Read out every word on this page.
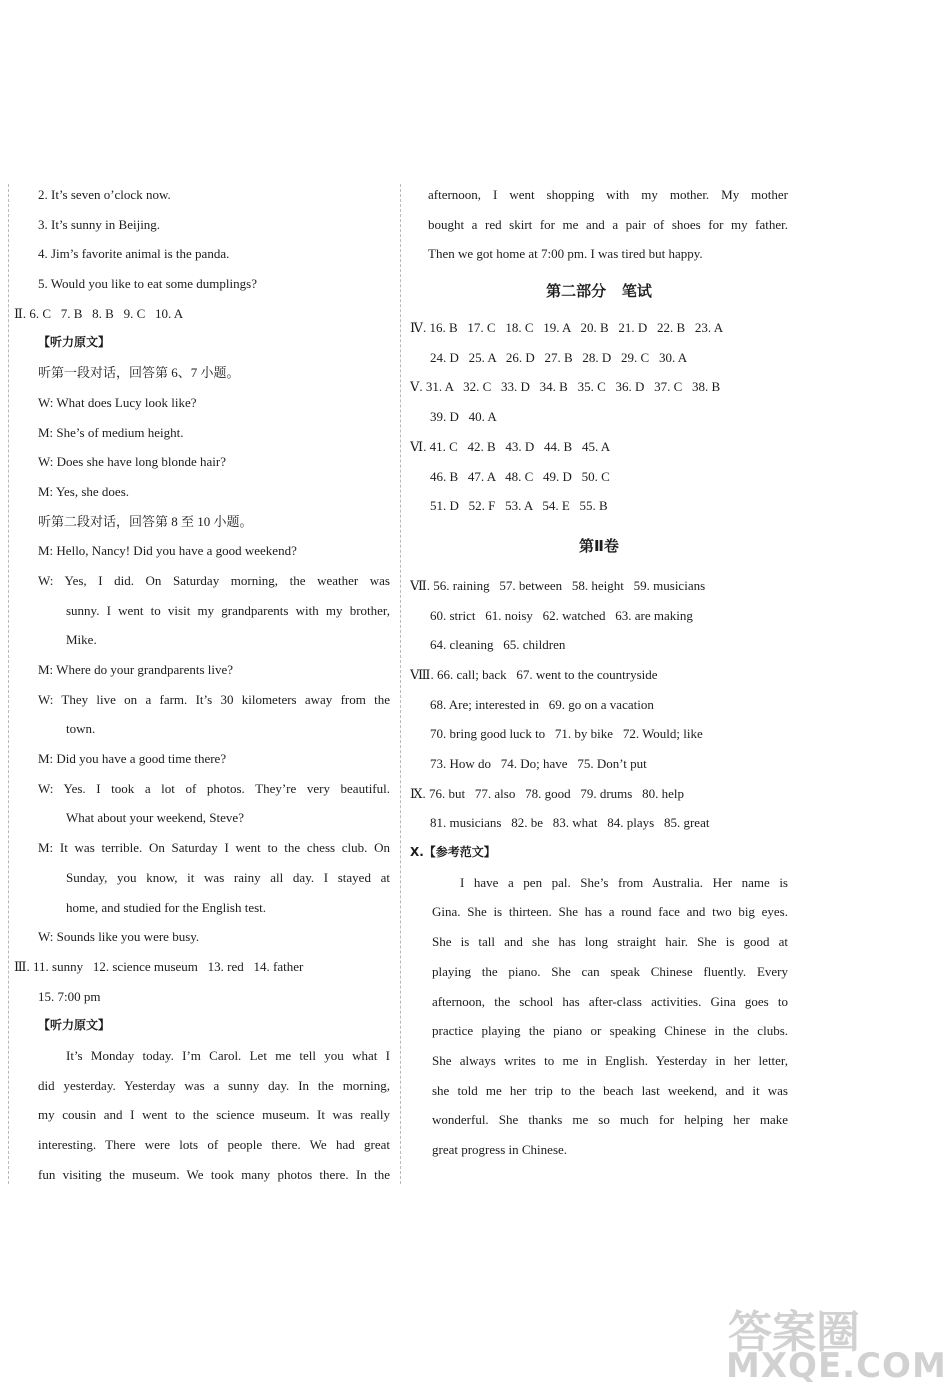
2. It’s seven o’clock now.
3. It’s sunny in Beijing.
4. Jim’s favorite animal is the panda.
5. Would you like to eat some dumplings?
Ⅱ. 6. C   7. B   8. B   9. C   10. A
【听力原文】
听第一段对话，回答第 6、7 小题。
W: What does Lucy look like?
M: She’s of medium height.
W: Does she have long blonde hair?
M: Yes, she does.
听第二段对话，回答第 8 至 10 小题。
M: Hello, Nancy! Did you have a good weekend?
W: Yes, I did. On Saturday morning, the weather was
sunny. I went to visit my grandparents with my brother,
Mike.
M: Where do your grandparents live?
W: They live on a farm. It’s 30 kilometers away from the
town.
M: Did you have a good time there?
W: Yes. I took a lot of photos. They’re very beautiful.
What about your weekend, Steve?
M: It was terrible. On Saturday I went to the chess club. On
Sunday, you know, it was rainy all day. I stayed at
home, and studied for the English test.
W: Sounds like you were busy.
Ⅲ. 11. sunny   12. science museum   13. red   14. father
15. 7:00 pm
【听力原文】
It’s Monday today. I’m Carol. Let me tell you what I
did yesterday. Yesterday was a sunny day. In the morning,
my cousin and I went to the science museum. It was really
interesting. There were lots of people there. We had great
fun visiting the museum. We took many photos there. In the
afternoon, I went shopping with my mother. My mother
bought a red skirt for me and a pair of shoes for my father.
Then we got home at 7:00 pm. I was tired but happy.
第二部分   笔试
Ⅳ. 16. B   17. C   18. C   19. A   20. B   21. D   22. B   23. A
24. D   25. A   26. D   27. B   28. D   29. C   30. A
Ⅴ. 31. A   32. C   33. D   34. B   35. C   36. D   37. C   38. B
39. D   40. A
Ⅵ. 41. C   42. B   43. D   44. B   45. A
46. B   47. A   48. C   49. D   50. C
51. D   52. F   53. A   54. E   55. B
第Ⅱ卷
Ⅶ. 56. raining   57. between   58. height   59. musicians
60. strict   61. noisy   62. watched   63. are making
64. cleaning   65. children
Ⅷ. 66. call; back   67. went to the countryside
68. Are; interested in   69. go on a vacation
70. bring good luck to   71. by bike   72. Would; like
73. How do   74. Do; have   75. Don’t put
Ⅸ. 76. but   77. also   78. good   79. drums   80. help
81. musicians   82. be   83. what   84. plays   85. great
Ⅹ.【参考范文】
I have a pen pal. She’s from Australia. Her name is
Gina. She is thirteen. She has a round face and two big eyes.
She is tall and she has long straight hair. She is good at
playing the piano. She can speak Chinese fluently. Every
afternoon, the school has after-class activities. Gina goes to
practice playing the piano or speaking Chinese in the clubs.
She always writes to me in English. Yesterday in her letter,
she told me her trip to the beach last weekend, and it was
wonderful. She thanks me so much for helping her make
great progress in Chinese.
答案圈
MXQE.COM
